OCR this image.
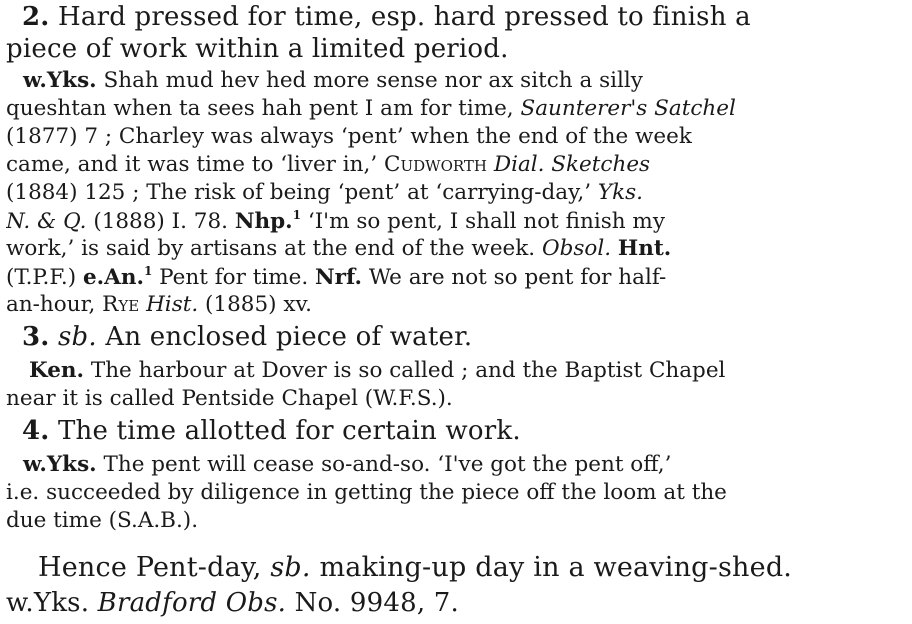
2. Hard pressed for time, esp. hard pressed to finish a
piece of work within a limited period.
w.Yks. Shah mud hev hed more sense nor ax sitch a silly
queshtan when ta sees hah pent I am for time, Saunterer's Satchel
(1877) 7 ; Charley was always ‘pent’ when the end of the week
came, and it was time to ‘liver in,’ Cudworth Dial. Sketches
(1884) 125 ; The risk of being ‘pent’ at ‘carrying-day,’ Yks.
N. & Q. (1888) I. 78. Nhp.$^1$ ‘I'm so pent, I shall not finish my
work,’ is said by artisans at the end of the week. Obsol. Hnt.
(T.P.F.) e.An.$^1$ Pent for time. Nrf. We are not so pent for half-
an-hour, Rye Hist. (1885) xv.
3. sb. An enclosed piece of water.
Ken. The harbour at Dover is so called ; and the Baptist Chapel
near it is called Pentside Chapel (W.F.S.).
4. The time allotted for certain work.
w.Yks. The pent will cease so-and-so. ‘I've got the pent off,’
i.e. succeeded by diligence in getting the piece off the loom at the
due time (S.A.B.).
Hence Pent-day, sb. making-up day in a weaving-shed.
w.Yks. Bradford Obs. No. 9948, 7.
